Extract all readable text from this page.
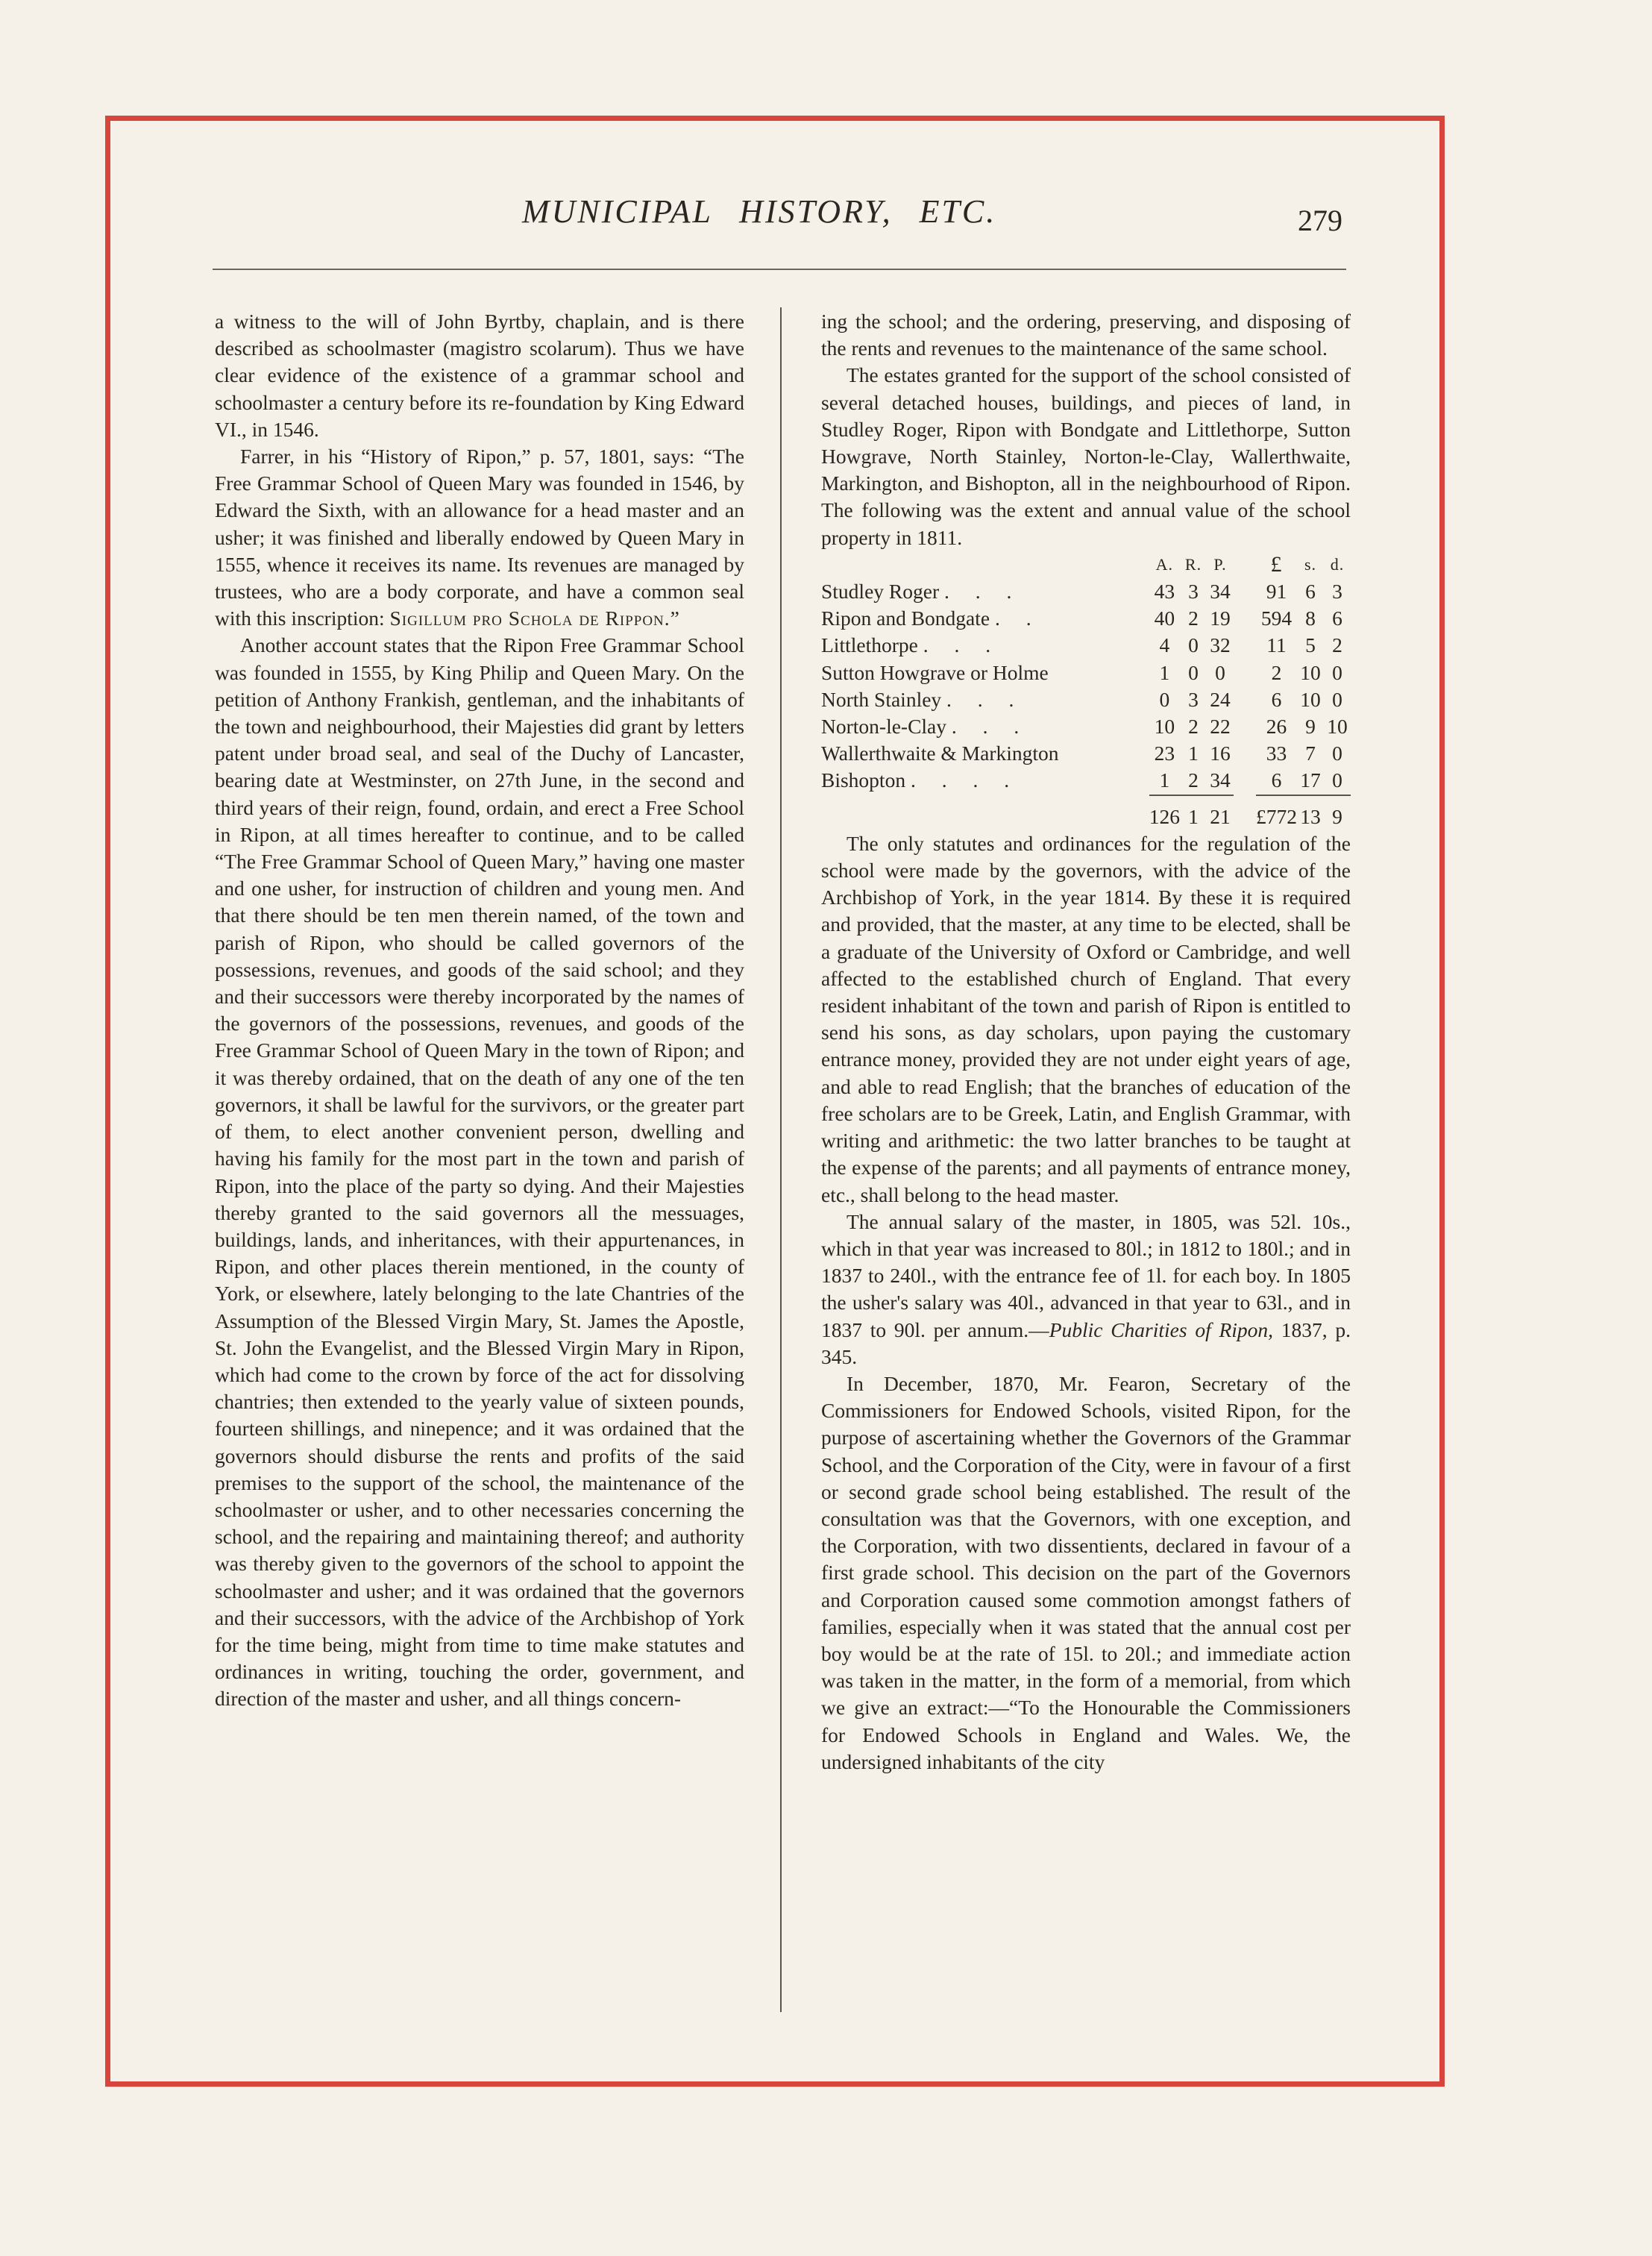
MUNICIPAL HISTORY, ETC.	279

a witness to the will of John Byrtby, chaplain, and is there described as schoolmaster (magistro scolarum). Thus we have clear evidence of the existence of a grammar school and schoolmaster a century before its re-foundation by King Edward VI., in 1546.

Farrer, in his “History of Ripon,” p. 57, 1801, says: “The Free Grammar School of Queen Mary was founded in 1546, by Edward the Sixth, with an allowance for a head master and an usher; it was finished and liberally endowed by Queen Mary in 1555, whence it receives its name. Its revenues are managed by trustees, who are a body corporate, and have a common seal with this inscription: Sigillum pro Schola de Rippon.”

Another account states that the Ripon Free Grammar School was founded in 1555, by King Philip and Queen Mary. On the petition of Anthony Frankish, gentleman, and the inhabitants of the town and neighbourhood, their Majesties did grant by letters patent under broad seal, and seal of the Duchy of Lancaster, bearing date at Westminster, on 27th June, in the second and third years of their reign, found, ordain, and erect a Free School in Ripon, at all times hereafter to continue, and to be called “The Free Grammar School of Queen Mary,” having one master and one usher, for instruction of children and young men. And that there should be ten men therein named, of the town and parish of Ripon, who should be called governors of the possessions, revenues, and goods of the said school; and they and their successors were thereby incorporated by the names of the governors of the possessions, revenues, and goods of the Free Grammar School of Queen Mary in the town of Ripon; and it was thereby ordained, that on the death of any one of the ten governors, it shall be lawful for the survivors, or the greater part of them, to elect another convenient person, dwelling and having his family for the most part in the town and parish of Ripon, into the place of the party so dying. And their Majesties thereby granted to the said governors all the messuages, buildings, lands, and inheritances, with their appurtenances, in Ripon, and other places therein mentioned, in the county of York, or elsewhere, lately belonging to the late Chantries of the Assumption of the Blessed Virgin Mary, St. James the Apostle, St. John the Evangelist, and the Blessed Virgin Mary in Ripon, which had come to the crown by force of the act for dissolving chantries; then extended to the yearly value of sixteen pounds, fourteen shillings, and ninepence; and it was ordained that the governors should disburse the rents and profits of the said premises to the support of the school, the maintenance of the schoolmaster or usher, and to other necessaries concerning the school, and the repairing and maintaining thereof; and authority was thereby given to the governors of the school to appoint the schoolmaster and usher; and it was ordained that the governors and their successors, with the advice of the Archbishop of York for the time being, might from time to time make statutes and ordinances in writing, touching the order, government, and direction of the master and usher, and all things concern-

ing the school; and the ordering, preserving, and disposing of the rents and revenues to the maintenance of the same school.

The estates granted for the support of the school consisted of several detached houses, buildings, and pieces of land, in Studley Roger, Ripon with Bondgate and Littlethorpe, Sutton Howgrave, North Stainley, Norton-le-Clay, Wallerthwaite, Markington, and Bishopton, all in the neighbourhood of Ripon. The following was the extent and annual value of the school property in 1811.

	A.	R.	P.		£	s.	d.
Studley Roger . . .	43	3	34		91	6	3
Ripon and Bondgate . .	40	2	19		594	8	6
Littlethorpe . . .	4	0	32		11	5	2
Sutton Howgrave or Holme	1	0	0		2	10	0
North Stainley . . .	0	3	24		6	10	0
Norton-le-Clay . . .	10	2	22		26	9	10
Wallerthwaite & Markington	23	1	16		33	7	0
Bishopton . . . .	1	2	34		6	17	0
	126	1	21		£772	13	9

The only statutes and ordinances for the regulation of the school were made by the governors, with the advice of the Archbishop of York, in the year 1814. By these it is required and provided, that the master, at any time to be elected, shall be a graduate of the University of Oxford or Cambridge, and well affected to the established church of England. That every resident inhabitant of the town and parish of Ripon is entitled to send his sons, as day scholars, upon paying the customary entrance money, provided they are not under eight years of age, and able to read English; that the branches of education of the free scholars are to be Greek, Latin, and English Grammar, with writing and arithmetic: the two latter branches to be taught at the expense of the parents; and all payments of entrance money, etc., shall belong to the head master.

The annual salary of the master, in 1805, was 52l. 10s., which in that year was increased to 80l.; in 1812 to 180l.; and in 1837 to 240l., with the entrance fee of 1l. for each boy. In 1805 the usher's salary was 40l., advanced in that year to 63l., and in 1837 to 90l. per annum.—Public Charities of Ripon, 1837, p. 345.

In December, 1870, Mr. Fearon, Secretary of the Commissioners for Endowed Schools, visited Ripon, for the purpose of ascertaining whether the Governors of the Grammar School, and the Corporation of the City, were in favour of a first or second grade school being established. The result of the consultation was that the Governors, with one exception, and the Corporation, with two dissentients, declared in favour of a first grade school. This decision on the part of the Governors and Corporation caused some commotion amongst fathers of families, especially when it was stated that the annual cost per boy would be at the rate of 15l. to 20l.; and immediate action was taken in the matter, in the form of a memorial, from which we give an extract:—“To the Honourable the Commissioners for Endowed Schools in England and Wales. We, the undersigned inhabitants of the city
